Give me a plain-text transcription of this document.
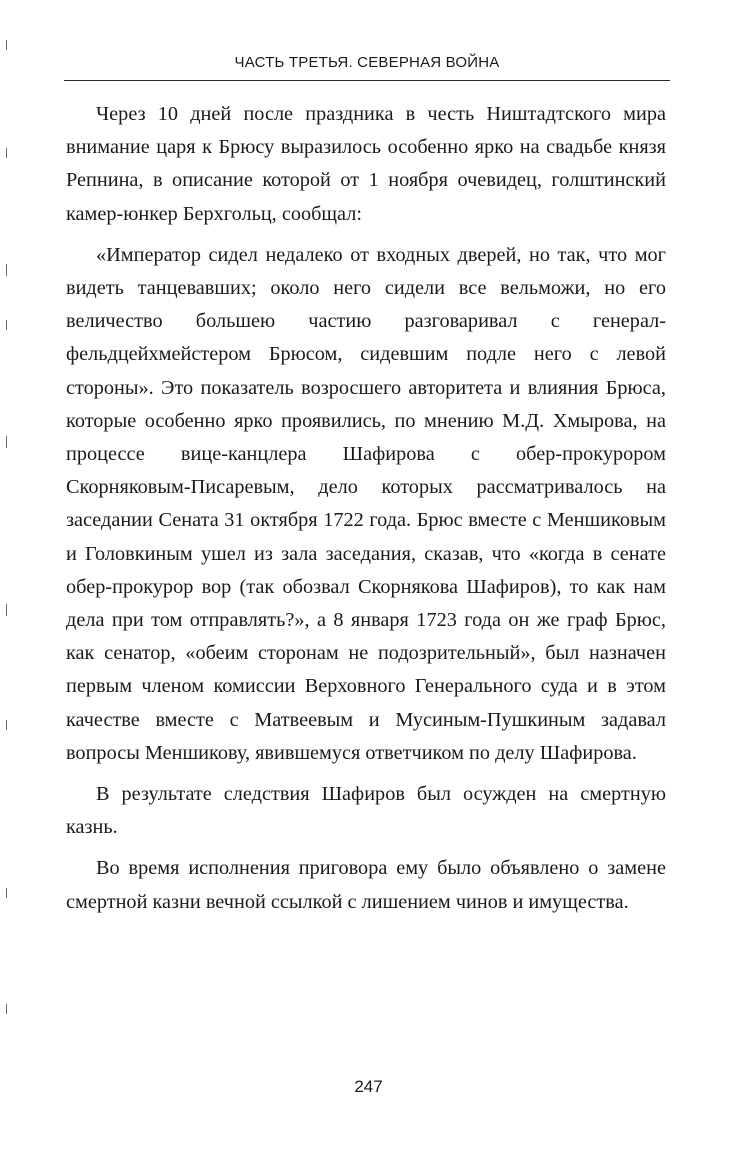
ЧАСТЬ ТРЕТЬЯ. СЕВЕРНАЯ ВОЙНА

Через 10 дней после праздника в честь Ништадтского мира внимание царя к Брюсу выразилось особенно ярко на свадьбе князя Репнина, в описание которой от 1 ноября очевидец, голштинский камер-юнкер Берхгольц, сообщал:

«Император сидел недалеко от входных дверей, но так, что мог видеть танцевавших; около него сидели все вельможи, но его величество большею частию разговаривал с генерал-фельдцейхмейстером Брюсом, сидевшим подле него с левой стороны». Это показатель возросшего авторитета и влияния Брюса, которые особенно ярко проявились, по мнению М.Д. Хмырова, на процессе вице-канцлера Шафирова с обер-прокурором Скорняковым-Писаревым, дело которых рассматривалось на заседании Сената 31 октября 1722 года. Брюс вместе с Меншиковым и Головкиным ушел из зала заседания, сказав, что «когда в сенате обер-прокурор вор (так обозвал Скорнякова Шафиров), то как нам дела при том отправлять?», а 8 января 1723 года он же граф Брюс, как сенатор, «обеим сторонам не подозрительный», был назначен первым членом комиссии Верховного Генерального суда и в этом качестве вместе с Матвеевым и Мусиным-Пушкиным задавал вопросы Меншикову, явившемуся ответчиком по делу Шафирова.

В результате следствия Шафиров был осужден на смертную казнь.

Во время исполнения приговора ему было объявлено о замене смертной казни вечной ссылкой с лишением чинов и имущества.

247
